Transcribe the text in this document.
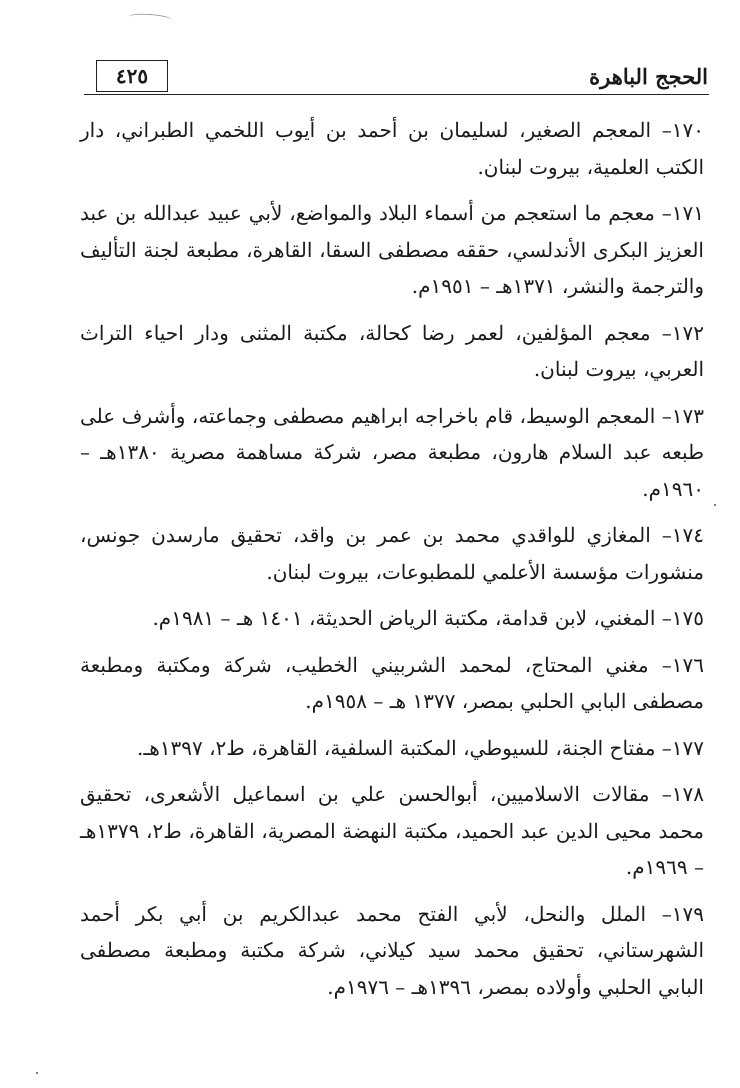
٤٢٥	الحجج الباهرة

١٧٠– المعجم الصغير، لسليمان بن أحمد بن أيوب اللخمي الطبراني، دار الكتب العلمية، بيروت لبنان.

١٧١– معجم ما استعجم من أسماء البلاد والمواضع، لأبي عبيد عبدالله بن عبد العزيز البكرى الأندلسي، حققه مصطفى السقا، القاهرة، مطبعة لجنة التأليف والترجمة والنشر، ١٣٧١هـ – ١٩٥١م.

١٧٢– معجم المؤلفين، لعمر رضا كحالة، مكتبة المثنى ودار احياء التراث العربي، بيروت لبنان.

١٧٣– المعجم الوسيط، قام باخراجه ابراهيم مصطفى وجماعته، وأشرف على طبعه عبد السلام هارون، مطبعة مصر، شركة مساهمة مصرية ١٣٨٠هـ – ١٩٦٠م.

١٧٤– المغازي للواقدي محمد بن عمر بن واقد، تحقيق مارسدن جونس، منشورات مؤسسة الأعلمي للمطبوعات، بيروت لبنان.

١٧٥– المغني، لابن قدامة، مكتبة الرياض الحديثة، ١٤٠١ هـ – ١٩٨١م.

١٧٦– مغني المحتاج، لمحمد الشربيني الخطيب، شركة ومكتبة ومطبعة مصطفى البابي الحلبي بمصر، ١٣٧٧ هـ – ١٩٥٨م.

١٧٧– مفتاح الجنة، للسيوطي، المكتبة السلفية، القاهرة، ط٢، ١٣٩٧هـ.

١٧٨– مقالات الاسلاميين، أبوالحسن علي بن اسماعيل الأشعرى، تحقيق محمد محيى الدين عبد الحميد، مكتبة النهضة المصرية، القاهرة، ط٢، ١٣٧٩هـ – ١٩٦٩م.

١٧٩– الملل والنحل، لأبي الفتح محمد عبدالكريم بن أبي بكر أحمد الشهرستاني، تحقيق محمد سيد كيلاني، شركة مكتبة ومطبعة مصطفى البابي الحلبي وأولاده بمصر، ١٣٩٦هـ – ١٩٧٦م.
